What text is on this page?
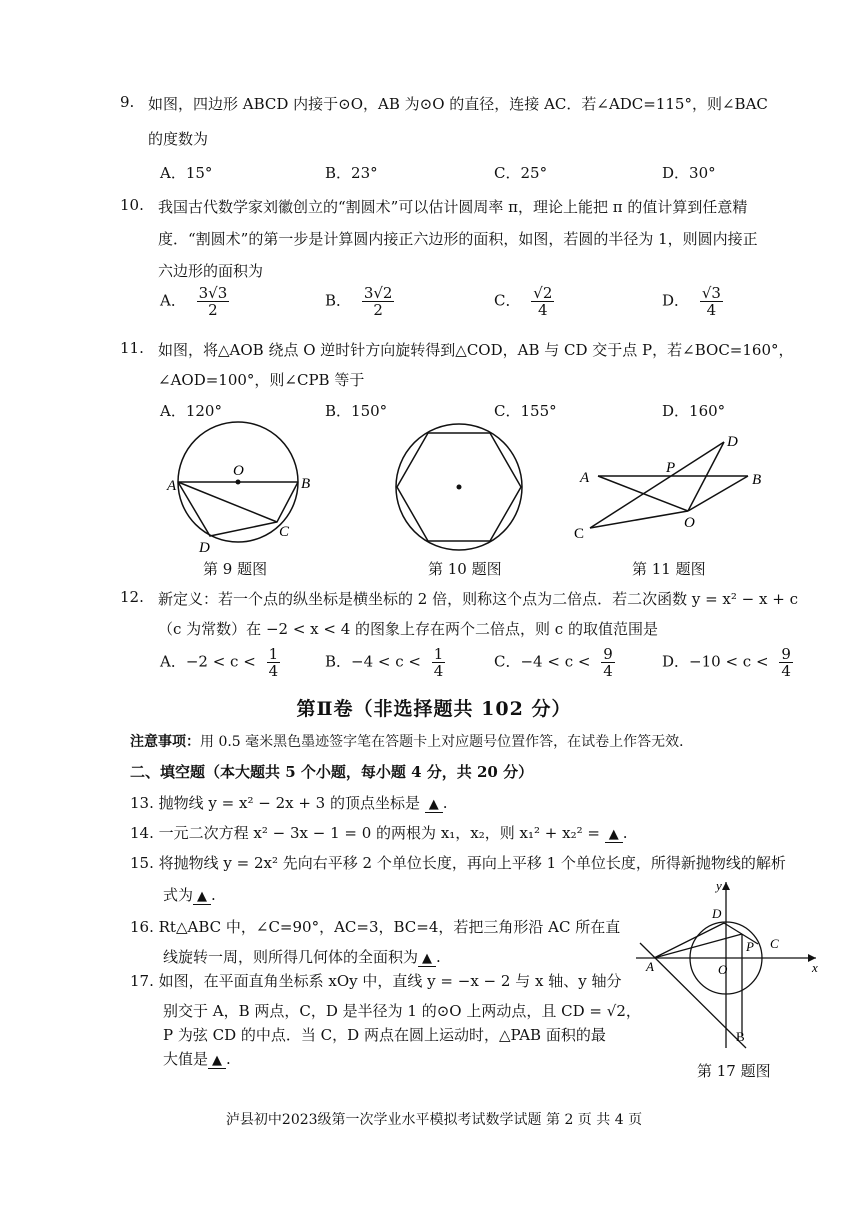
9. 如图，四边形 ABCD 内接于⊙O，AB 为⊙O 的直径，连接 AC．若∠ADC=115°，则∠BAC
的度数为
A．15°	B．23°	C．25°	D．30°
10. 我国古代数学家刘徽创立的“割圆术”可以估计圆周率 π，理论上能把 π 的值计算到任意精
度．“割圆术”的第一步是计算圆内接正六边形的面积，如图，若圆的半径为 1，则圆内接正
六边形的面积为
A． $\frac{3√3}{2}$	B． $\frac{3√2}{2}$	C． $\frac{√2}{4}$	D． $\frac{√3}{4}$
11. 如图，将△AOB 绕点 O 逆时针方向旋转得到△COD，AB 与 CD 交于点 P，若∠BOC=160°，
∠AOD=100°，则∠CPB 等于
A．120°	B．150°	C．155°	D．160°
A
O
B
C
D
第 9 题图	第 10 题图
A
P
D
B
C
O
第 11 题图
12. 新定义：若一个点的纵坐标是横坐标的 2 倍，则称这个点为二倍点．若二次函数 y = x² − x + c
（c 为常数）在 −2 < x < 4 的图象上存在两个二倍点，则 c 的取值范围是
A．$-2 < c < \frac{1}{4}$	B．$-4 < c < \frac{1}{4}$	C．$-4 < c < \frac{9}{4}$	D．$-10 < c < \frac{9}{4}$
第Ⅱ卷（非选择题共 102 分）
注意事项：用 0.5 毫米黑色墨迹签字笔在答题卡上对应题号位置作答，在试卷上作答无效．
二、填空题（本大题共 5 个小题，每小题 4 分，共 20 分）
13. 抛物线 y = x² − 2x + 3 的顶点坐标是 ▲ .
14. 一元二次方程 x² − 3x − 1 = 0 的两根为 x₁，x₂，则 x₁² + x₂² = ▲ .
15. 将抛物线 y = 2x² 先向右平移 2 个单位长度，再向上平移 1 个单位长度，所得新抛物线的解析
式为 ▲ .
16. Rt△ABC 中，∠C=90°，AC=3，BC=4，若把三角形沿 AC 所在直
线旋转一周，则所得几何体的全面积为 ▲ .
17. 如图，在平面直角坐标系 xOy 中，直线 y = −x − 2 与 x 轴、y 轴分
别交于 A，B 两点，C，D 是半径为 1 的⊙O 上两动点，且 CD = √2，
P 为弦 CD 的中点．当 C，D 两点在圆上运动时，△PAB 面积的最
大值是 ▲ .
y
x
D
P C
A	O
B
第 17 题图
泸县初中2023级第一次学业水平模拟考试数学试题 第 2 页 共 4 页
